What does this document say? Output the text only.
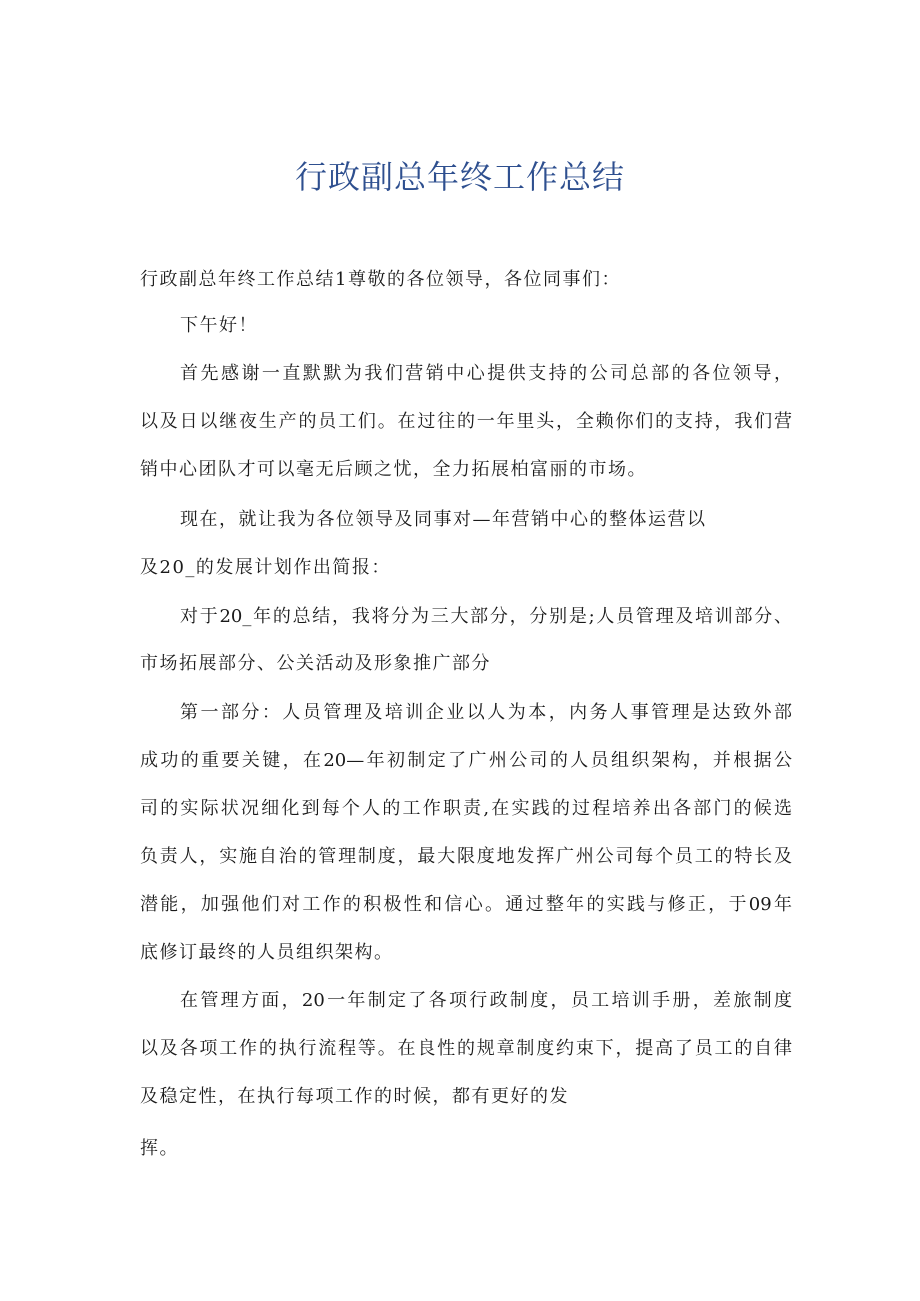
行政副总年终工作总结
行政副总年终工作总结1尊敬的各位领导，各位同事们：
下午好！
首先感谢一直默默为我们营销中心提供支持的公司总部的各位领导，
以及日以继夜生产的员工们。在过往的一年里头，全赖你们的支持，我们营
销中心团队才可以毫无后顾之忧，全力拓展柏富丽的市场。
现在，就让我为各位领导及同事对—年营销中心的整体运营以
及20_的发展计划作出简报：
对于20_年的总结，我将分为三大部分，分别是;人员管理及培训部分、
市场拓展部分、公关活动及形象推广部分
第一部分：人员管理及培训企业以人为本，内务人事管理是达致外部
成功的重要关键，在20—年初制定了广州公司的人员组织架构，并根据公
司的实际状况细化到每个人的工作职责,在实践的过程培养出各部门的候选
负责人，实施自治的管理制度，最大限度地发挥广州公司每个员工的特长及
潜能，加强他们对工作的积极性和信心。通过整年的实践与修正，于09年
底修订最终的人员组织架构。
在管理方面，20一年制定了各项行政制度，员工培训手册，差旅制度
以及各项工作的执行流程等。在良性的规章制度约束下，提高了员工的自律
及稳定性，在执行每项工作的时候，都有更好的发
挥。
